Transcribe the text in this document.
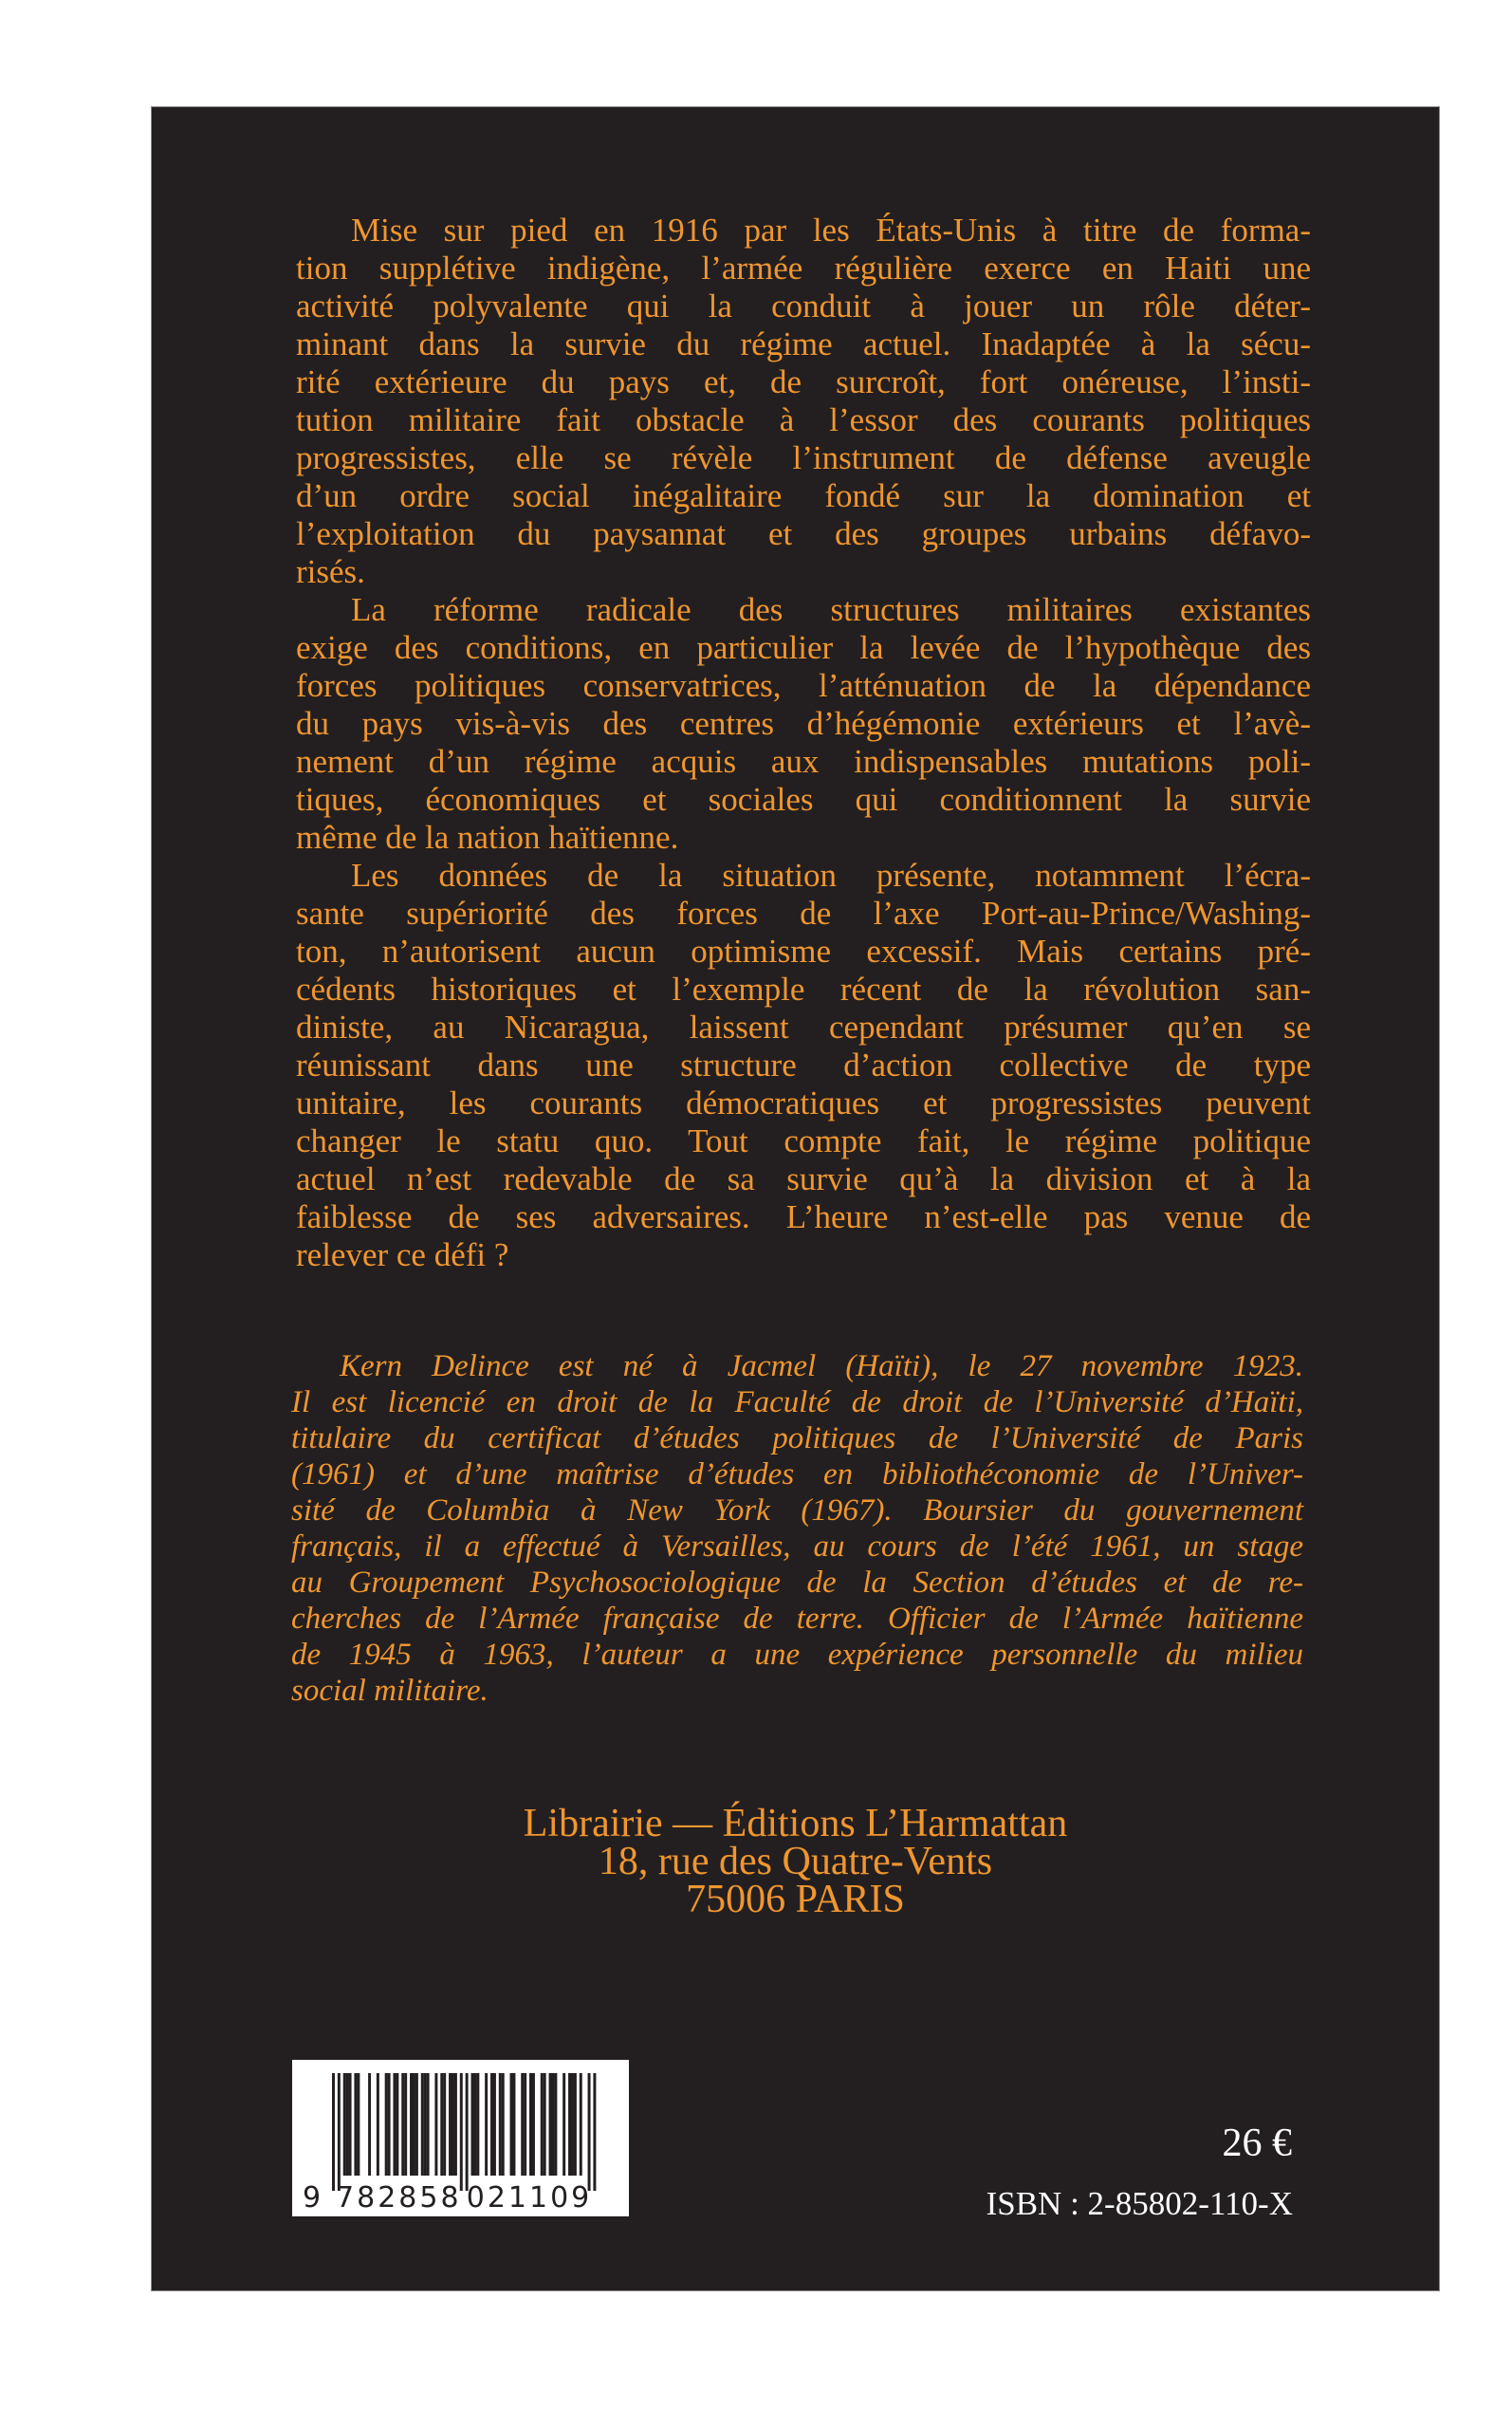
Mise sur pied en 1916 par les États-Unis à titre de forma-
tion supplétive indigène, l’armée régulière exerce en Haiti une
activité polyvalente qui la conduit à jouer un rôle déter-
minant dans la survie du régime actuel. Inadaptée à la sécu-
rité extérieure du pays et, de surcroît, fort onéreuse, l’insti-
tution militaire fait obstacle à l’essor des courants politiques
progressistes, elle se révèle l’instrument de défense aveugle
d’un ordre social inégalitaire fondé sur la domination et
l’exploitation du paysannat et des groupes urbains défavo-
risés.
La réforme radicale des structures militaires existantes
exige des conditions, en particulier la levée de l’hypothèque des
forces politiques conservatrices, l’atténuation de la dépendance
du pays vis-à-vis des centres d’hégémonie extérieurs et l’avè-
nement d’un régime acquis aux indispensables mutations poli-
tiques, économiques et sociales qui conditionnent la survie
même de la nation haïtienne.
Les données de la situation présente, notamment l’écra-
sante supériorité des forces de l’axe Port-au-Prince/Washing-
ton, n’autorisent aucun optimisme excessif. Mais certains pré-
cédents historiques et l’exemple récent de la révolution san-
diniste, au Nicaragua, laissent cependant présumer qu’en se
réunissant dans une structure d’action collective de type
unitaire, les courants démocratiques et progressistes peuvent
changer le statu quo. Tout compte fait, le régime politique
actuel n’est redevable de sa survie qu’à la division et à la
faiblesse de ses adversaires. L’heure n’est-elle pas venue de
relever ce défi ?
Kern Delince est né à Jacmel (Haïti), le 27 novembre 1923.
Il est licencié en droit de la Faculté de droit de l’Université d’Haïti,
titulaire du certificat d’études politiques de l’Université de Paris
(1961) et d’une maîtrise d’études en bibliothéconomie de l’Univer-
sité de Columbia à New York (1967). Boursier du gouvernement
français, il a effectué à Versailles, au cours de l’été 1961, un stage
au Groupement Psychosociologique de la Section d’études et de re-
cherches de l’Armée française de terre. Officier de l’Armée haïtienne
de 1945 à 1963, l’auteur a une expérience personnelle du milieu
social militaire.
Librairie — Éditions L’Harmattan
18, rue des Quatre-Vents
75006 PARIS
9 782858 021109
26 €
ISBN : 2-85802-110-X
